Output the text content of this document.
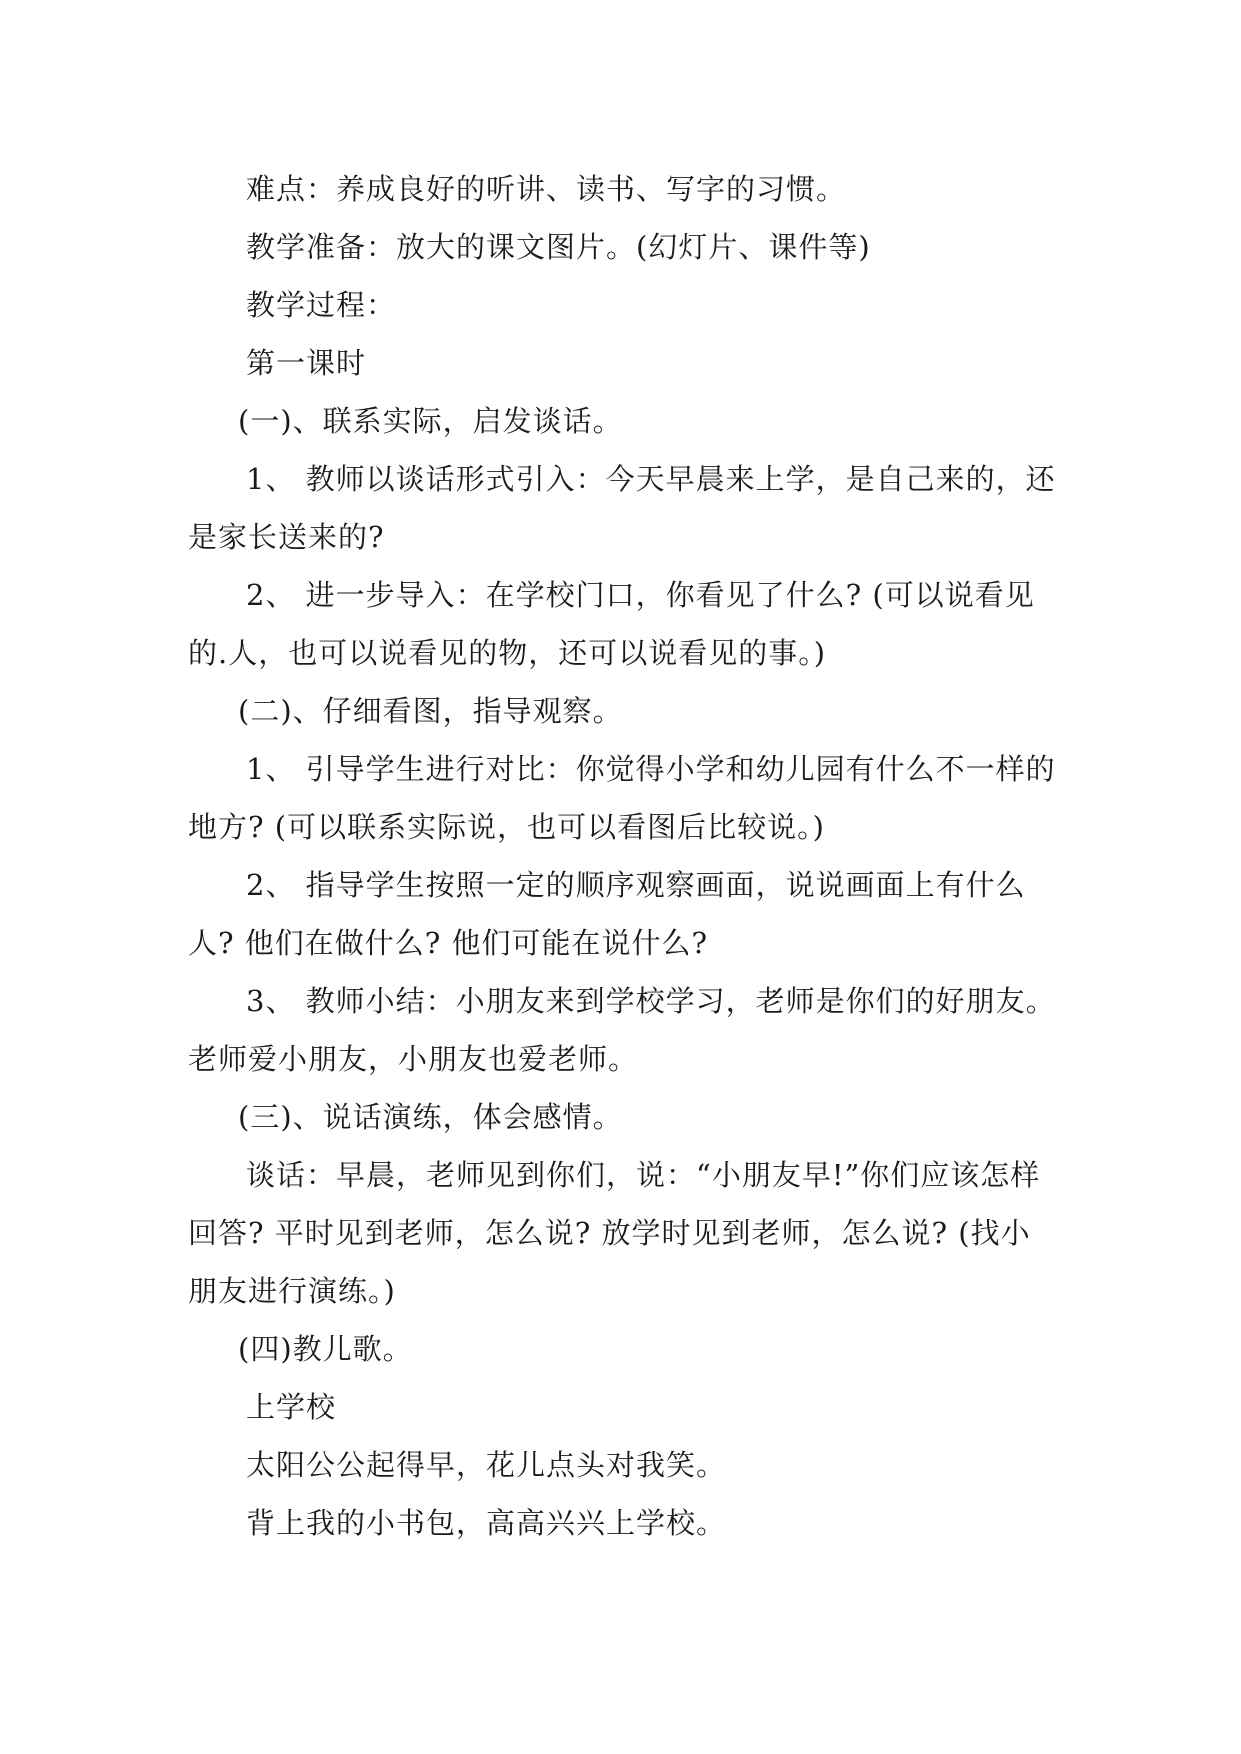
难点：养成良好的听讲、读书、写字的习惯。

教学准备：放大的课文图片。(幻灯片、课件等)

教学过程：

第一课时

(一)、联系实际，启发谈话。

1、 教师以谈话形式引入：今天早晨来上学，是自己来的，还是家长送来的?

2、 进一步导入：在学校门口，你看见了什么? (可以说看见的.人，也可以说看见的物，还可以说看见的事。)

(二)、仔细看图，指导观察。

1、 引导学生进行对比：你觉得小学和幼儿园有什么不一样的地方? (可以联系实际说，也可以看图后比较说。)

2、 指导学生按照一定的顺序观察画面，说说画面上有什么人? 他们在做什么? 他们可能在说什么?

3、 教师小结：小朋友来到学校学习，老师是你们的好朋友。老师爱小朋友，小朋友也爱老师。

(三)、说话演练，体会感情。

谈话：早晨，老师见到你们，说：“小朋友早!”你们应该怎样回答? 平时见到老师，怎么说? 放学时见到老师，怎么说? (找小朋友进行演练。)

(四)教儿歌。

上学校

太阳公公起得早，花儿点头对我笑。

背上我的小书包，高高兴兴上学校。
